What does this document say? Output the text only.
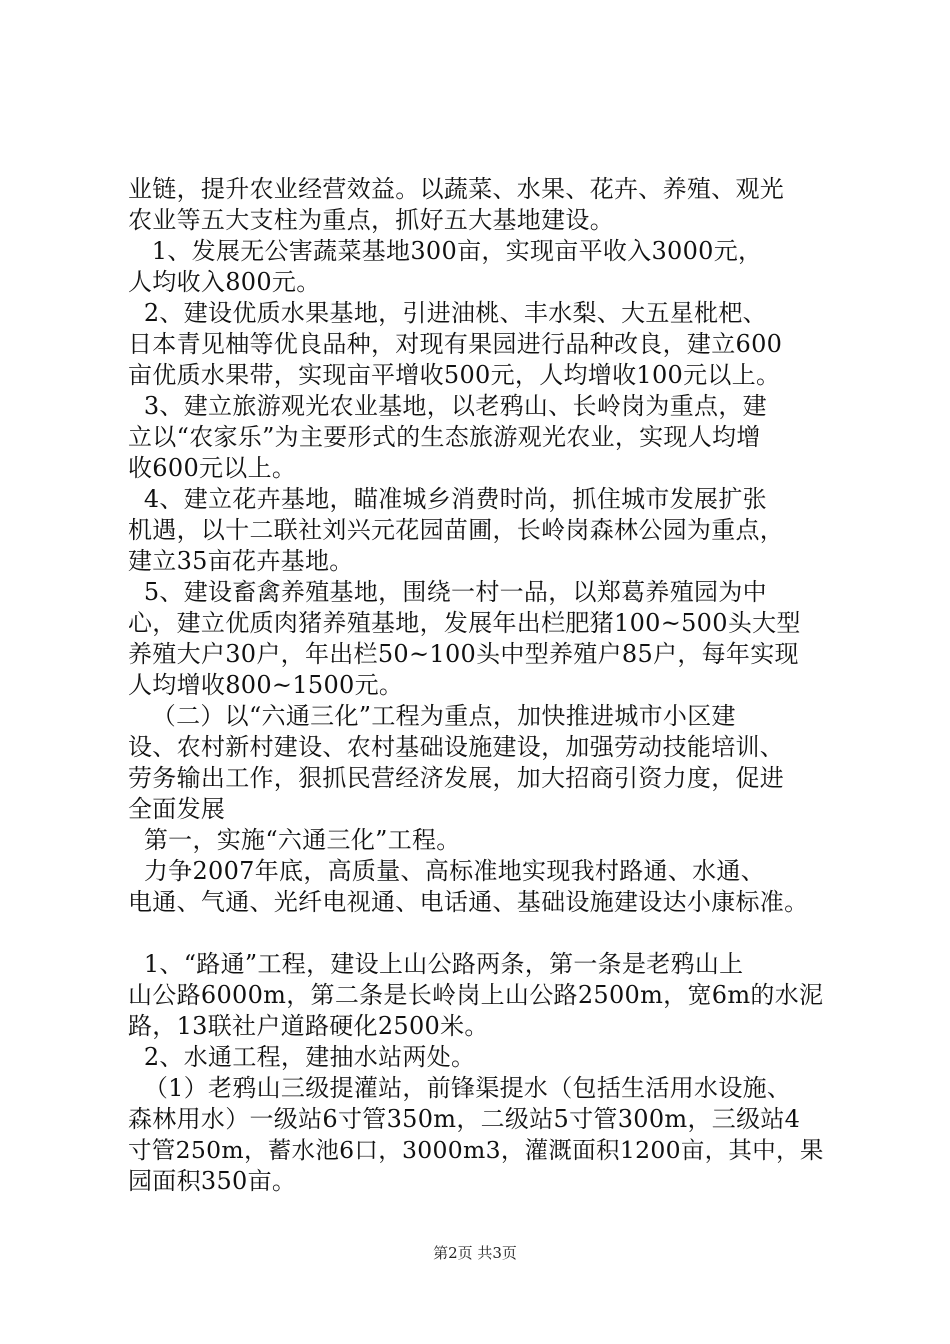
业链，提升农业经营效益。以蔬菜、水果、花卉、养殖、观光
农业等五大支柱为重点，抓好五大基地建设。
1、发展无公害蔬菜基地300亩，实现亩平收入3000元，
人均收入800元。
2、建设优质水果基地，引进油桃、丰水梨、大五星枇杷、
日本青见柚等优良品种，对现有果园进行品种改良，建立600
亩优质水果带，实现亩平增收500元，人均增收100元以上。
3、建立旅游观光农业基地，以老鸦山、长岭岗为重点，建
立以“农家乐”为主要形式的生态旅游观光农业，实现人均增
收600元以上。
4、建立花卉基地，瞄准城乡消费时尚，抓住城市发展扩张
机遇，以十二联社刘兴元花园苗圃，长岭岗森林公园为重点，
建立35亩花卉基地。
5、建设畜禽养殖基地，围绕一村一品，以郑葛养殖园为中
心，建立优质肉猪养殖基地，发展年出栏肥猪100~500头大型
养殖大户30户，年出栏50~100头中型养殖户85户，每年实现
人均增收800~1500元。
（二）以“六通三化”工程为重点，加快推进城市小区建
设、农村新村建设、农村基础设施建设，加强劳动技能培训、
劳务输出工作，狠抓民营经济发展，加大招商引资力度，促进
全面发展
第一，实施“六通三化”工程。
力争2007年底，高质量、高标准地实现我村路通、水通、
电通、气通、光纤电视通、电话通、基础设施建设达小康标准。
1、“路通”工程，建设上山公路两条，第一条是老鸦山上
山公路6000m，第二条是长岭岗上山公路2500m，宽6m的水泥
路，13联社户道路硬化2500米。
2、水通工程，建抽水站两处。
（1）老鸦山三级提灌站，前锋渠提水（包括生活用水设施、
森林用水）一级站6寸管350m，二级站5寸管300m，三级站4
寸管250m，蓄水池6口，3000m3，灌溉面积1200亩，其中，果
园面积350亩。
第2页 共3页
